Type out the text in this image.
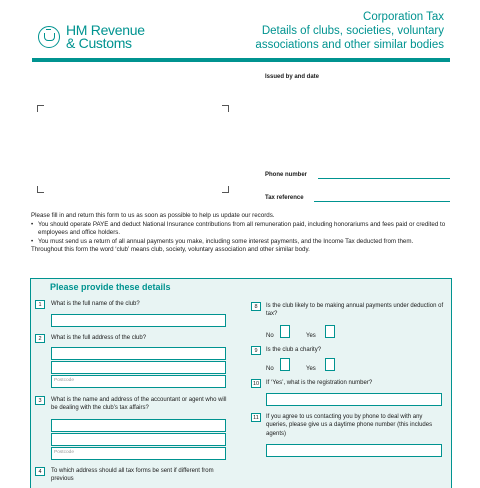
HM Revenue
& Customs
Corporation Tax
Details of clubs, societies, voluntary
associations and other similar bodies
Issued by and date
Phone number
Tax reference
Please fill in and return this form to us as soon as possible to help us update our records.
• You should operate PAYE and deduct National Insurance contributions from all remuneration paid, including honorariums and fees paid or credited to employees and office holders.
• You must send us a return of all annual payments you make, including some interest payments, and the Income Tax deducted from them.
Throughout this form the word ‘club’ means club, society, voluntary association and other similar body.
Please provide these details
1	What is the full name of the club?
2	What is the full address of the club?
Postcode
3	What is the name and address of the accountant or agent who will be dealing with the club’s tax affairs?
Postcode
4	To which address should all tax forms be sent if different from previous
8	Is the club likely to be making annual payments under deduction of tax?
No	Yes
9	Is the club a charity?
No	Yes
10	If ‘Yes’, what is the registration number?
11	If you agree to us contacting you by phone to deal with any queries, please give us a daytime phone number (this includes agents)
